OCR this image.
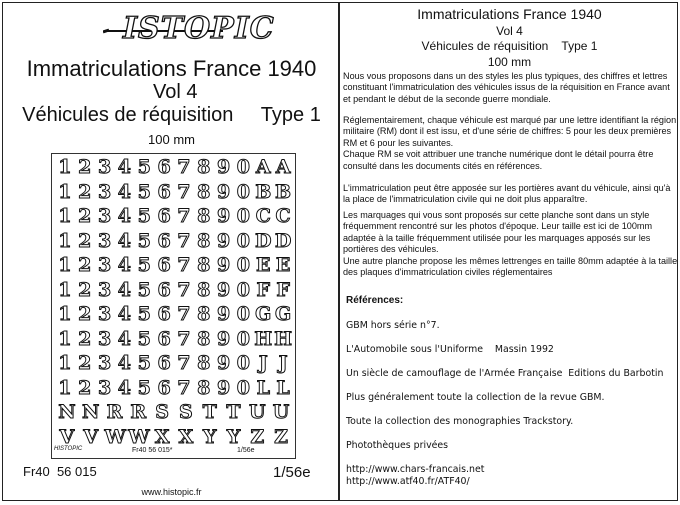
ISTOPIC
Immatriculations France 1940
Vol 4
Véhicules de réquisition     Type 1
100 mm
HISTOPIC	Fr40 56 015*	1/56e
1 2 3 4 5 6 7 8 9 0 A A
1 2 3 4 5 6 7 8 9 0 B B
1 2 3 4 5 6 7 8 9 0 C C
1 2 3 4 5 6 7 8 9 0 D D
1 2 3 4 5 6 7 8 9 0 E E
1 2 3 4 5 6 7 8 9 0 F F
1 2 3 4 5 6 7 8 9 0 G G
1 2 3 4 5 6 7 8 9 0 H H
1 2 3 4 5 6 7 8 9 0 J J
1 2 3 4 5 6 7 8 9 0 L L
N N R R S S T T U U
V V W W X X Y Y Z Z
Fr40  56 015	1/56e
www.histopic.fr
Immatriculations France 1940
Vol 4
Véhicules de réquisition    Type 1
100 mm
Nous vous proposons dans un des styles les plus typiques, des chiffres et lettres constituant l'immatriculation des véhicules issus de la réquisition en France avant et pendant le début de la seconde guerre mondiale.
Réglementairement, chaque véhicule est marqué par une lettre identifiant la région militaire (RM) dont il est issu, et d'une série de chiffres: 5 pour les deux premières RM et 6 pour les suivantes.
Chaque RM se voit attribuer une tranche numérique dont le détail pourra être consulté dans les documents cités en références.
L'immatriculation peut être apposée sur les portières avant du véhicule, ainsi qu'à la place de l'immatriculation civile qui ne doit plus apparaître.
Les marquages qui vous sont proposés sur cette planche sont dans un style fréquemment rencontré sur les photos d'époque. Leur taille est ici de 100mm adaptée à la taille fréquemment utilisée pour les marquages apposés sur les portières des véhicules.
Une autre planche propose les mêmes lettrenges en taille 80mm adaptée à la taille des plaques d'immatriculation civiles réglementaires
Références:
GBM hors série n°7.
L'Automobile sous l'Uniforme    Massin 1992
Un siècle de camouflage de l'Armée Française  Editions du Barbotin
Plus généralement toute la collection de la revue GBM.
Toute la collection des monographies Trackstory.
Photothèques privées
http://www.chars-francais.net
http://www.atf40.fr/ATF40/
